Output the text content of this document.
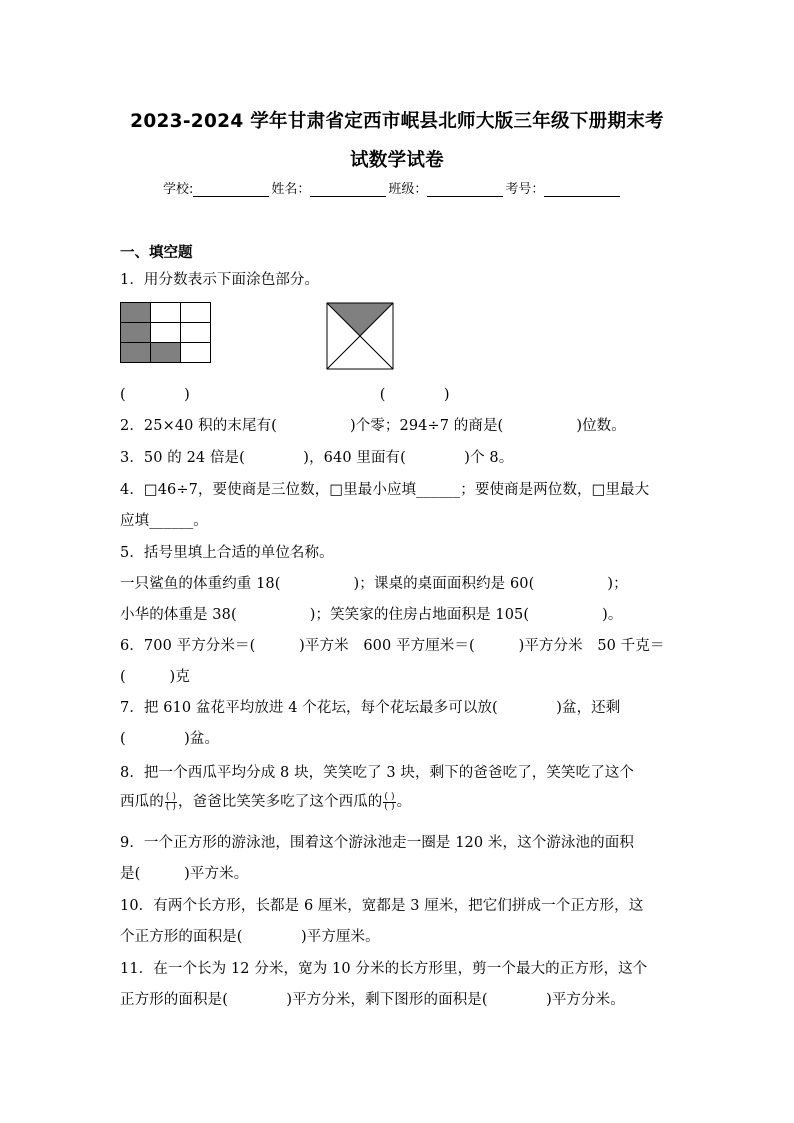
2023-2024 学年甘肃省定西市岷县北师大版三年级下册期末考
试数学试卷
学校:	姓名：	班级：	考号：
一、填空题
1．用分数表示下面涂色部分。

(　　　　)　　　　　　　　　　　　　(　　　　)
2．25×40 积的末尾有(　　　　　)个零；294÷7 的商是(　　　　　)位数。
3．50 的 24 倍是(　　　　)，640 里面有(　　　　)个 8。
4．□46÷7，要使商是三位数，□里最小应填______；要使商是两位数，□里最大
应填______。
5．括号里填上合适的单位名称。
一只鲨鱼的体重约重 18(　　　　　)；课桌的桌面面积约是 60(　　　　　)；
小华的体重是 38(　　　　　)；笑笑家的住房占地面积是 105(　　　　　)。
6．700 平方分米＝(　　　)平方米　600 平方厘米＝(　　　)平方分米　50 千克＝
(　　　)克
7．把 610 盆花平均放进 4 个花坛，每个花坛最多可以放(　　　　)盆，还剩
(　　　　)盆。
8．把一个西瓜平均分成 8 块，笑笑吃了 3 块，剩下的爸爸吃了，笑笑吃了这个
西瓜的 $\frac{( )}{( )}$ ，爸爸比笑笑多吃了这个西瓜的 $\frac{( )}{( )}$ 。
9．一个正方形的游泳池，围着这个游泳池走一圈是 120 米，这个游泳池的面积
是(　　　)平方米。
10．有两个长方形，长都是 6 厘米，宽都是 3 厘米，把它们拼成一个正方形，这
个正方形的面积是(　　　　)平方厘米。
11．在一个长为 12 分米，宽为 10 分米的长方形里，剪一个最大的正方形，这个
正方形的面积是(　　　　)平方分米，剩下图形的面积是(　　　　)平方分米。
